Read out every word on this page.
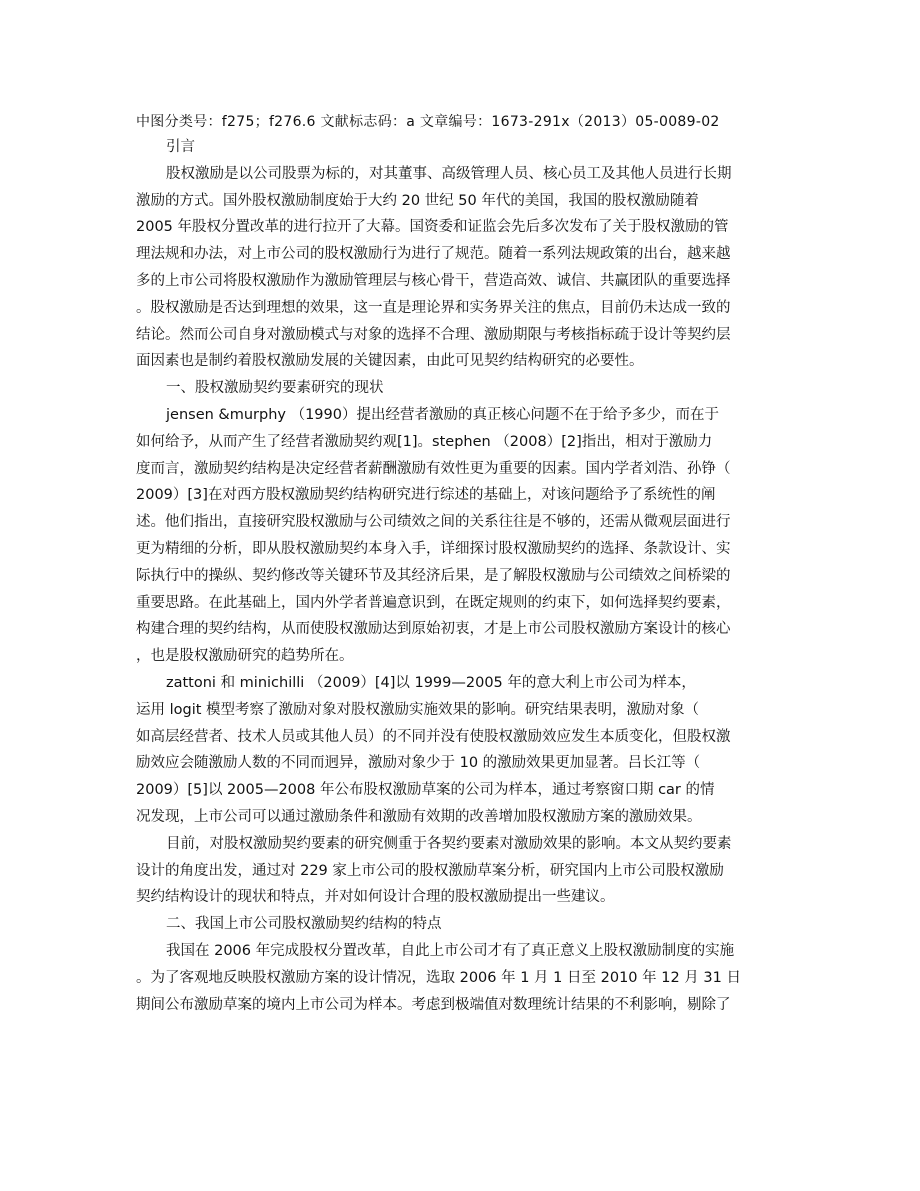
中图分类号：f275；f276.6 文献标志码：a 文章编号：1673-291x（2013）05-0089-02

引言

股权激励是以公司股票为标的，对其董事、高级管理人员、核心员工及其他人员进行长期

激励的方式。国外股权激励制度始于大约 20 世纪 50 年代的美国，我国的股权激励随着

2005 年股权分置改革的进行拉开了大幕。国资委和证监会先后多次发布了关于股权激励的管

理法规和办法，对上市公司的股权激励行为进行了规范。随着一系列法规政策的出台，越来越

多的上市公司将股权激励作为激励管理层与核心骨干，营造高效、诚信、共赢团队的重要选择

。股权激励是否达到理想的效果，这一直是理论界和实务界关注的焦点，目前仍未达成一致的

结论。然而公司自身对激励模式与对象的选择不合理、激励期限与考核指标疏于设计等契约层

面因素也是制约着股权激励发展的关键因素，由此可见契约结构研究的必要性。

一、股权激励契约要素研究的现状

jensen &murphy （1990）提出经营者激励的真正核心问题不在于给予多少，而在于

如何给予，从而产生了经营者激励契约观[1]。stephen （2008）[2]指出，相对于激励力

度而言，激励契约结构是决定经营者薪酬激励有效性更为重要的因素。国内学者刘浩、孙铮（

2009）[3]在对西方股权激励契约结构研究进行综述的基础上，对该问题给予了系统性的阐

述。他们指出，直接研究股权激励与公司绩效之间的关系往往是不够的，还需从微观层面进行

更为精细的分析，即从股权激励契约本身入手，详细探讨股权激励契约的选择、条款设计、实

际执行中的操纵、契约修改等关键环节及其经济后果，是了解股权激励与公司绩效之间桥梁的

重要思路。在此基础上，国内外学者普遍意识到，在既定规则的约束下，如何选择契约要素，

构建合理的契约结构，从而使股权激励达到原始初衷，才是上市公司股权激励方案设计的核心

，也是股权激励研究的趋势所在。

zattoni 和 minichilli （2009）[4]以 1999—2005 年的意大利上市公司为样本，

运用 logit 模型考察了激励对象对股权激励实施效果的影响。研究结果表明，激励对象（

如高层经营者、技术人员或其他人员）的不同并没有使股权激励效应发生本质变化，但股权激

励效应会随激励人数的不同而迥异，激励对象少于 10 的激励效果更加显著。吕长江等（

2009）[5]以 2005—2008 年公布股权激励草案的公司为样本，通过考察窗口期 car 的情

况发现，上市公司可以通过激励条件和激励有效期的改善增加股权激励方案的激励效果。

目前，对股权激励契约要素的研究侧重于各契约要素对激励效果的影响。本文从契约要素

设计的角度出发，通过对 229 家上市公司的股权激励草案分析，研究国内上市公司股权激励

契约结构设计的现状和特点，并对如何设计合理的股权激励提出一些建议。

二、我国上市公司股权激励契约结构的特点

我国在 2006 年完成股权分置改革，自此上市公司才有了真正意义上股权激励制度的实施

。为了客观地反映股权激励方案的设计情况，选取 2006 年 1 月 1 日至 2010 年 12 月 31 日

期间公布激励草案的境内上市公司为样本。考虑到极端值对数理统计结果的不利影响，剔除了
